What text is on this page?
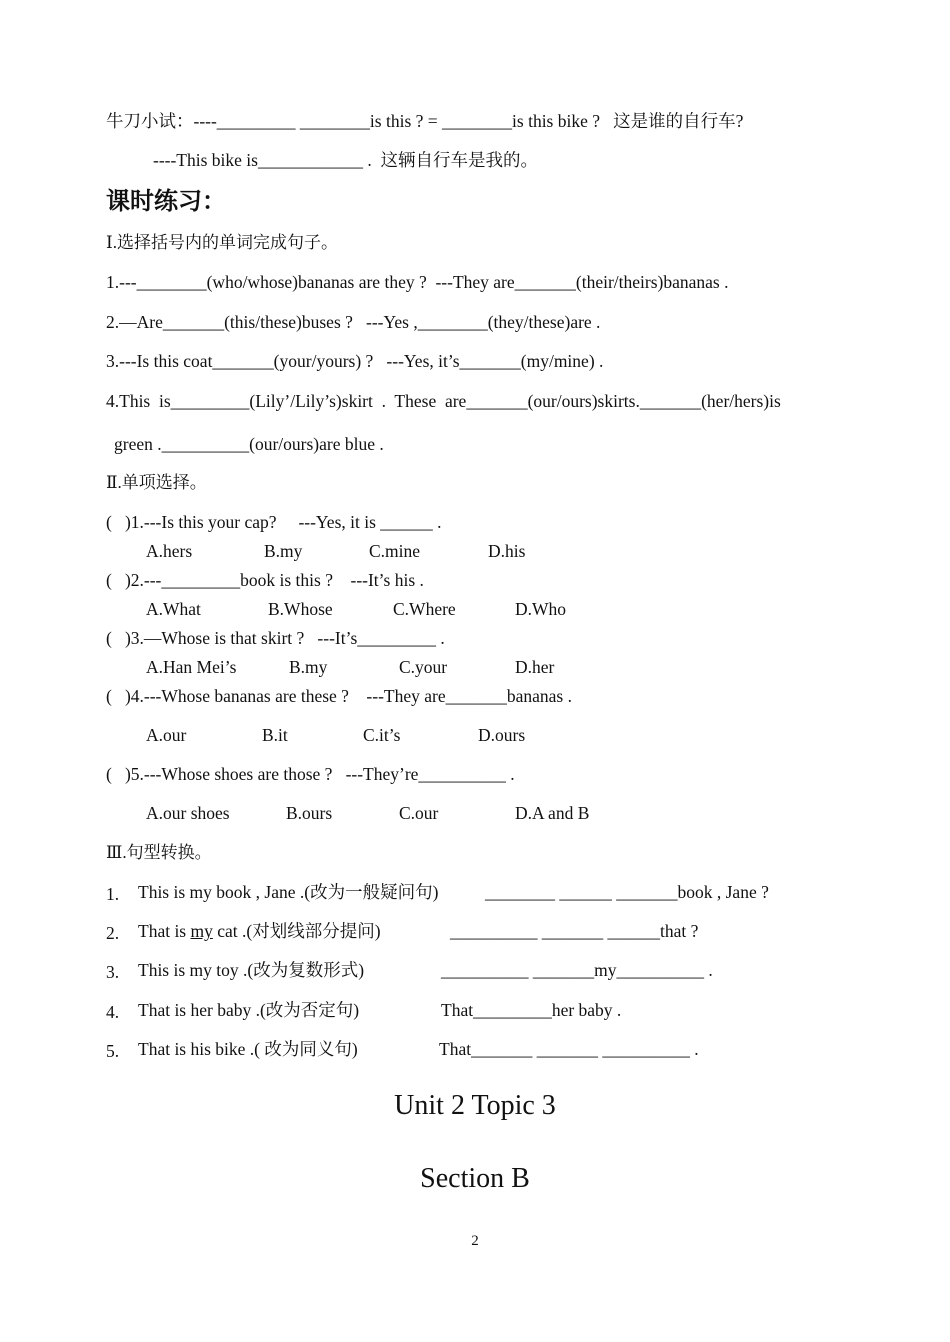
牛刀小试：----_________ ________is this ? = ________is this bike ?   这是谁的自行车?
----This bike is____________ .  这辆自行车是我的。
课时练习：
Ⅰ.选择括号内的单词完成句子。
1.---________(who/whose)bananas are they ?  ---They are_______(their/theirs)bananas .
2.—Are_______(this/these)buses ?   ---Yes ,________(they/these)are .
3.---Is this coat_______(your/yours) ?   ---Yes, it’s_______(my/mine) .
4.This  is_________(Lily’/Lily’s)skirt  .  These  are_______(our/ours)skirts._______(her/hers)is
green .__________(our/ours)are blue .
Ⅱ.单项选择。
(   )1.---Is this your cap?     ---Yes, it is ______ .
A.hers	B.my	C.mine	D.his
(   )2.---_________book is this ?    ---It’s his .
A.What	B.Whose	C.Where	D.Who
(   )3.—Whose is that skirt ?   ---It’s_________ .
A.Han Mei’s	B.my	C.your	D.her
(   )4.---Whose bananas are these ?    ---They are_______bananas .
A.our	B.it	C.it’s	D.ours
(   )5.---Whose shoes are those ?   ---They’re__________ .
A.our shoes	B.ours	C.our	D.A and B
Ⅲ.句型转换。
1. This is my book , Jane .(改为一般疑问句)	________ ______ _______book , Jane ?
2. That is my cat .(对划线部分提问)	__________ _______ ______that ?
3. This is my toy .(改为复数形式)	__________ _______my__________ .
4. That is her baby .(改为否定句)	That_________her baby .
5. That is his bike .( 改为同义句)	That_______ _______ __________ .
Unit 2 Topic 3
Section B
2
